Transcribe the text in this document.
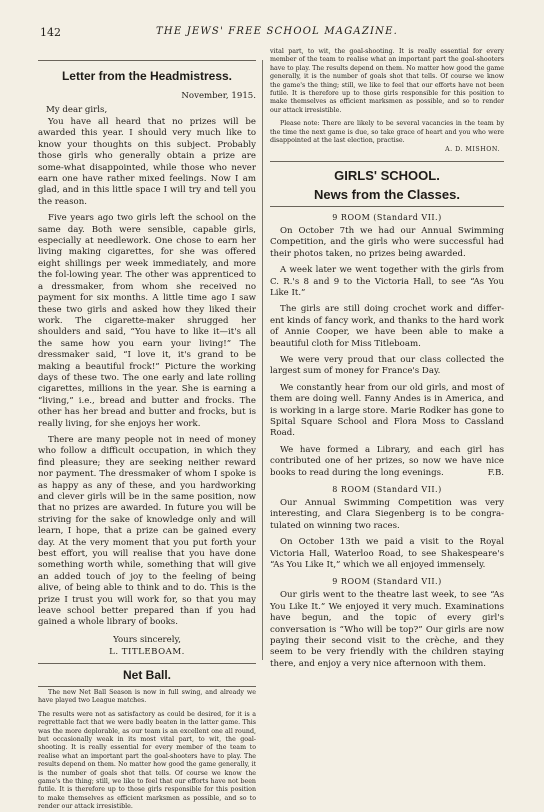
142	THE JEWS' FREE SCHOOL MAGAZINE.
Letter from the Headmistress.
November, 1915.
My dear girls,

You have all heard that no prizes will be awarded this year. I should very much like to know your thoughts on this subject. Probably those girls who generally obtain a prize are some-what disappointed, while those who never earn one have rather mixed feelings. Now I am glad, and in this little space I will try and tell you the reason.

Five years ago two girls left the school on the same day. Both were sensible, capable girls, especially at needlework. One chose to earn her living making cigarettes, for she was offered eight shillings per week immediately, and more the fol-lowing year. The other was apprenticed to a dressmaker, from whom she received no payment for six months. A little time ago I saw these two girls and asked how they liked their work. The cigarette-maker shrugged her shoulders and said, “You have to like it—it's all the same how you earn your living!” The dressmaker said, “I love it, it's grand to be making a beautiful frock!” Picture the working days of these two. The one early and late rolling cigarettes, millions in the year. She is earning a “living,” i.e., bread and butter and frocks. The other has her bread and butter and frocks, but is really living, for she enjoys her work.

There are many people not in need of money who follow a difficult occupation, in which they find pleasure; they are seeking neither reward nor payment. The dressmaker of whom I spoke is as happy as any of these, and you hardworking and clever girls will be in the same position, now that no prizes are awarded. In future you will be striving for the sake of knowledge only and will learn, I hope, that a prize can be gained every day. At the very moment that you put forth your best effort, you will realise that you have done something worth while, something that will give an added touch of joy to the feeling of being alive, of being able to think and to do. This is the prize I trust you will work for, so that you may leave school better prepared than if you had gained a whole library of books.

Yours sincerely,
L. TITLEBOAM.
Net Ball.

The new Net Ball Season is now in full swing, and already we have played two League matches.

The results were not as satisfactory as could be desired, for it is a regrettable fact that we were badly beaten in the latter game. This was the more deplorable, as our team is an excellent one all round, but occasionally weak in its most vital part, to wit, the goal-shooting. It is really essential for every member of the team to realise what an important part the goal-shooters have to play. The results depend on them. No matter how good the game generally, it is the number of goals shot that tells. Of course we know the game's the thing; still, we like to feel that our efforts have not been futile. It is therefore up to those girls responsible for this position to make themselves as efficient marksmen as possible, and so to render our attack irresistible.

vital part, to wit, the goal-shooting. It is really essential for every member of the team to realise what an important part the goal-shooters have to play. The results depend on them. No matter how good the game generally, it is the number of goals shot that tells. Of course we know the game's the thing; still, we like to feel that our efforts have not been futile. It is therefore up to those girls responsible for this position to make themselves as efficient marksmen as possible, and so to render our attack irresistible.

Please note: There are likely to be several vacancies in the team by the time the next game is due, so take grace of heart and you who were disappointed at the last election, practise.

A. D. MISHON.
GIRLS' SCHOOL.
News from the Classes.
9 ROOM (Standard VII.)

On October 7th we had our Annual Swimming Competition, and the girls who were successful had their photos taken, no prizes being awarded.

A week later we went together with the girls from C. R.'s 8 and 9 to the Victoria Hall, to see “As You Like It.”

The girls are still doing crochet work and differ-ent kinds of fancy work, and thanks to the hard work of Annie Cooper, we have been able to make a beautiful cloth for Miss Titleboam.

We were very proud that our class collected the largest sum of money for France's Day.

We constantly hear from our old girls, and most of them are doing well. Fanny Andes is in America, and is working in a large store. Marie Rodker has gone to Spital Square School and Flora Moss to Cassland Road.

We have formed a Library, and each girl has contributed one of her prizes, so now we have nice books to read during the long evenings.	F.B.

8 ROOM (Standard VII.)

Our Annual Swimming Competition was very interesting, and Clara Siegenberg is to be congra-tulated on winning two races.

On October 13th we paid a visit to the Royal Victoria Hall, Waterloo Road, to see Shakespeare's “As You Like It,” which we all enjoyed immensely.

9 ROOM (Standard VII.)

Our girls went to the theatre last week, to see “As You Like It.” We enjoyed it very much. Examinations have begun, and the topic of every girl's conversation is “Who will be top?” Our girls are now paying their second visit to the crèche, and they seem to be very friendly with the children staying there, and enjoy a very nice afternoon with them.
